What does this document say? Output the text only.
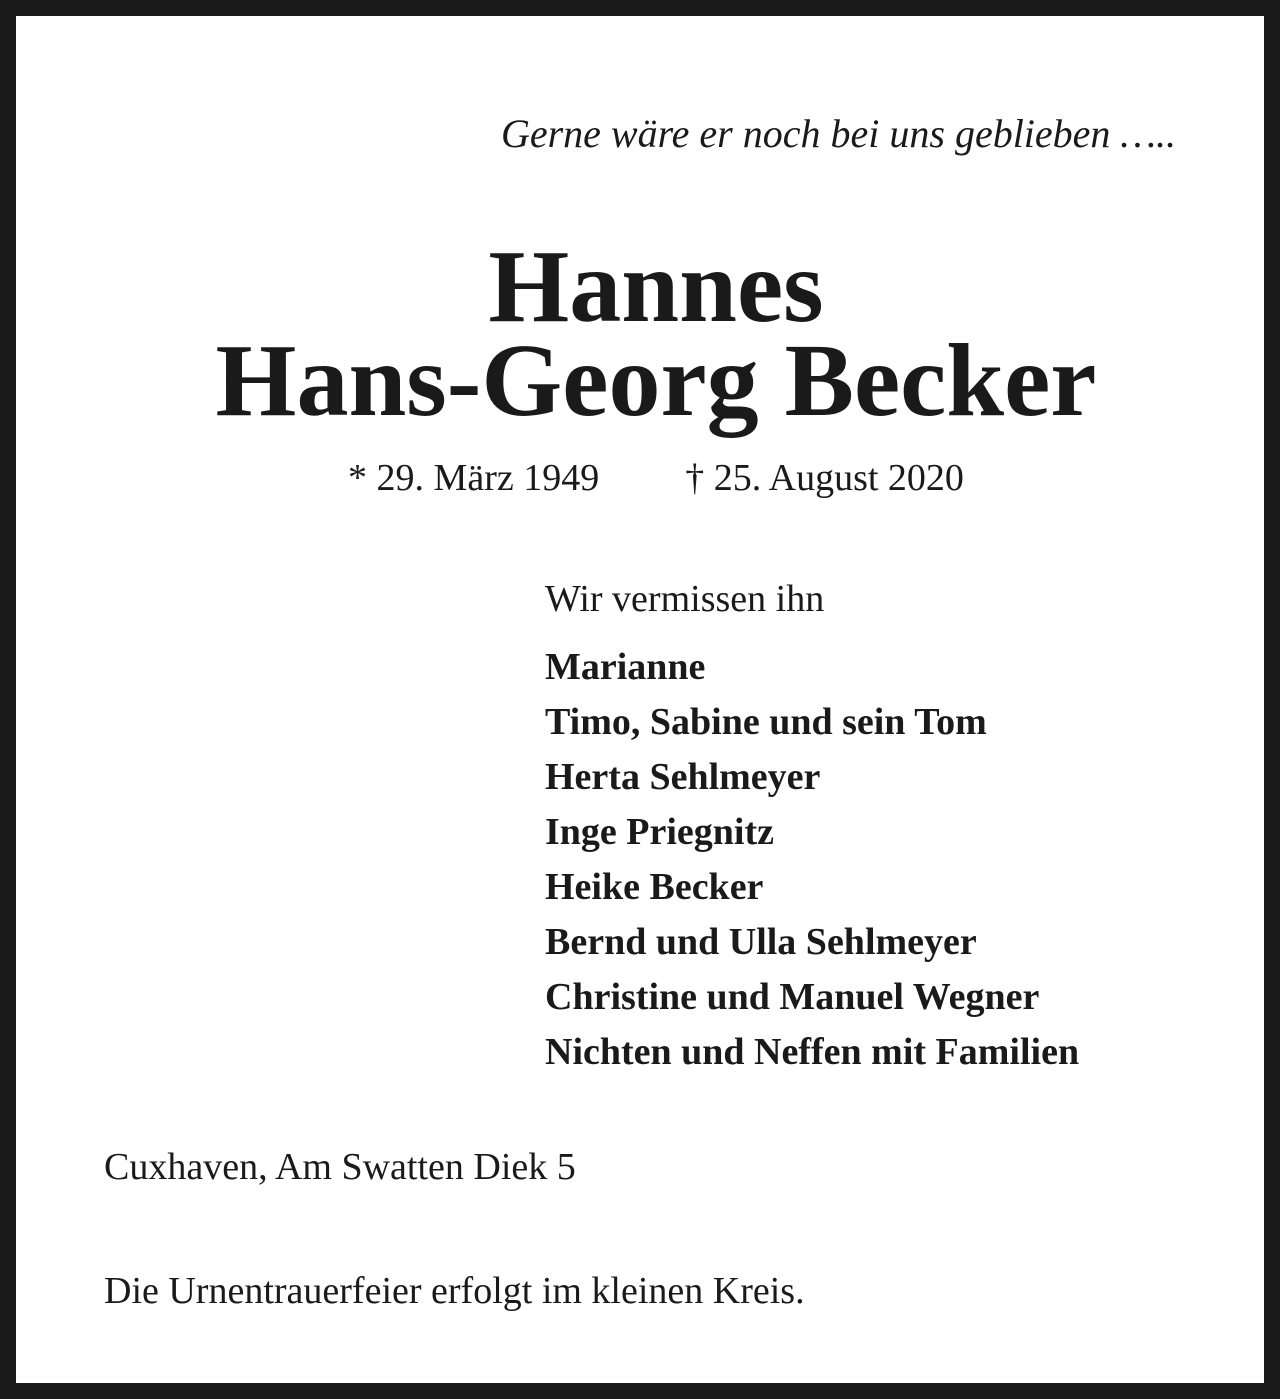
Gerne wäre er noch bei uns geblieben …..
Hannes
Hans-Georg Becker
* 29. März 1949 † 25. August 2020
Wir vermissen ihn
Marianne
Timo, Sabine und sein Tom
Herta Sehlmeyer
Inge Priegnitz
Heike Becker
Bernd und Ulla Sehlmeyer
Christine und Manuel Wegner
Nichten und Neffen mit Familien
Cuxhaven, Am Swatten Diek 5
Die Urnentrauerfeier erfolgt im kleinen Kreis.
